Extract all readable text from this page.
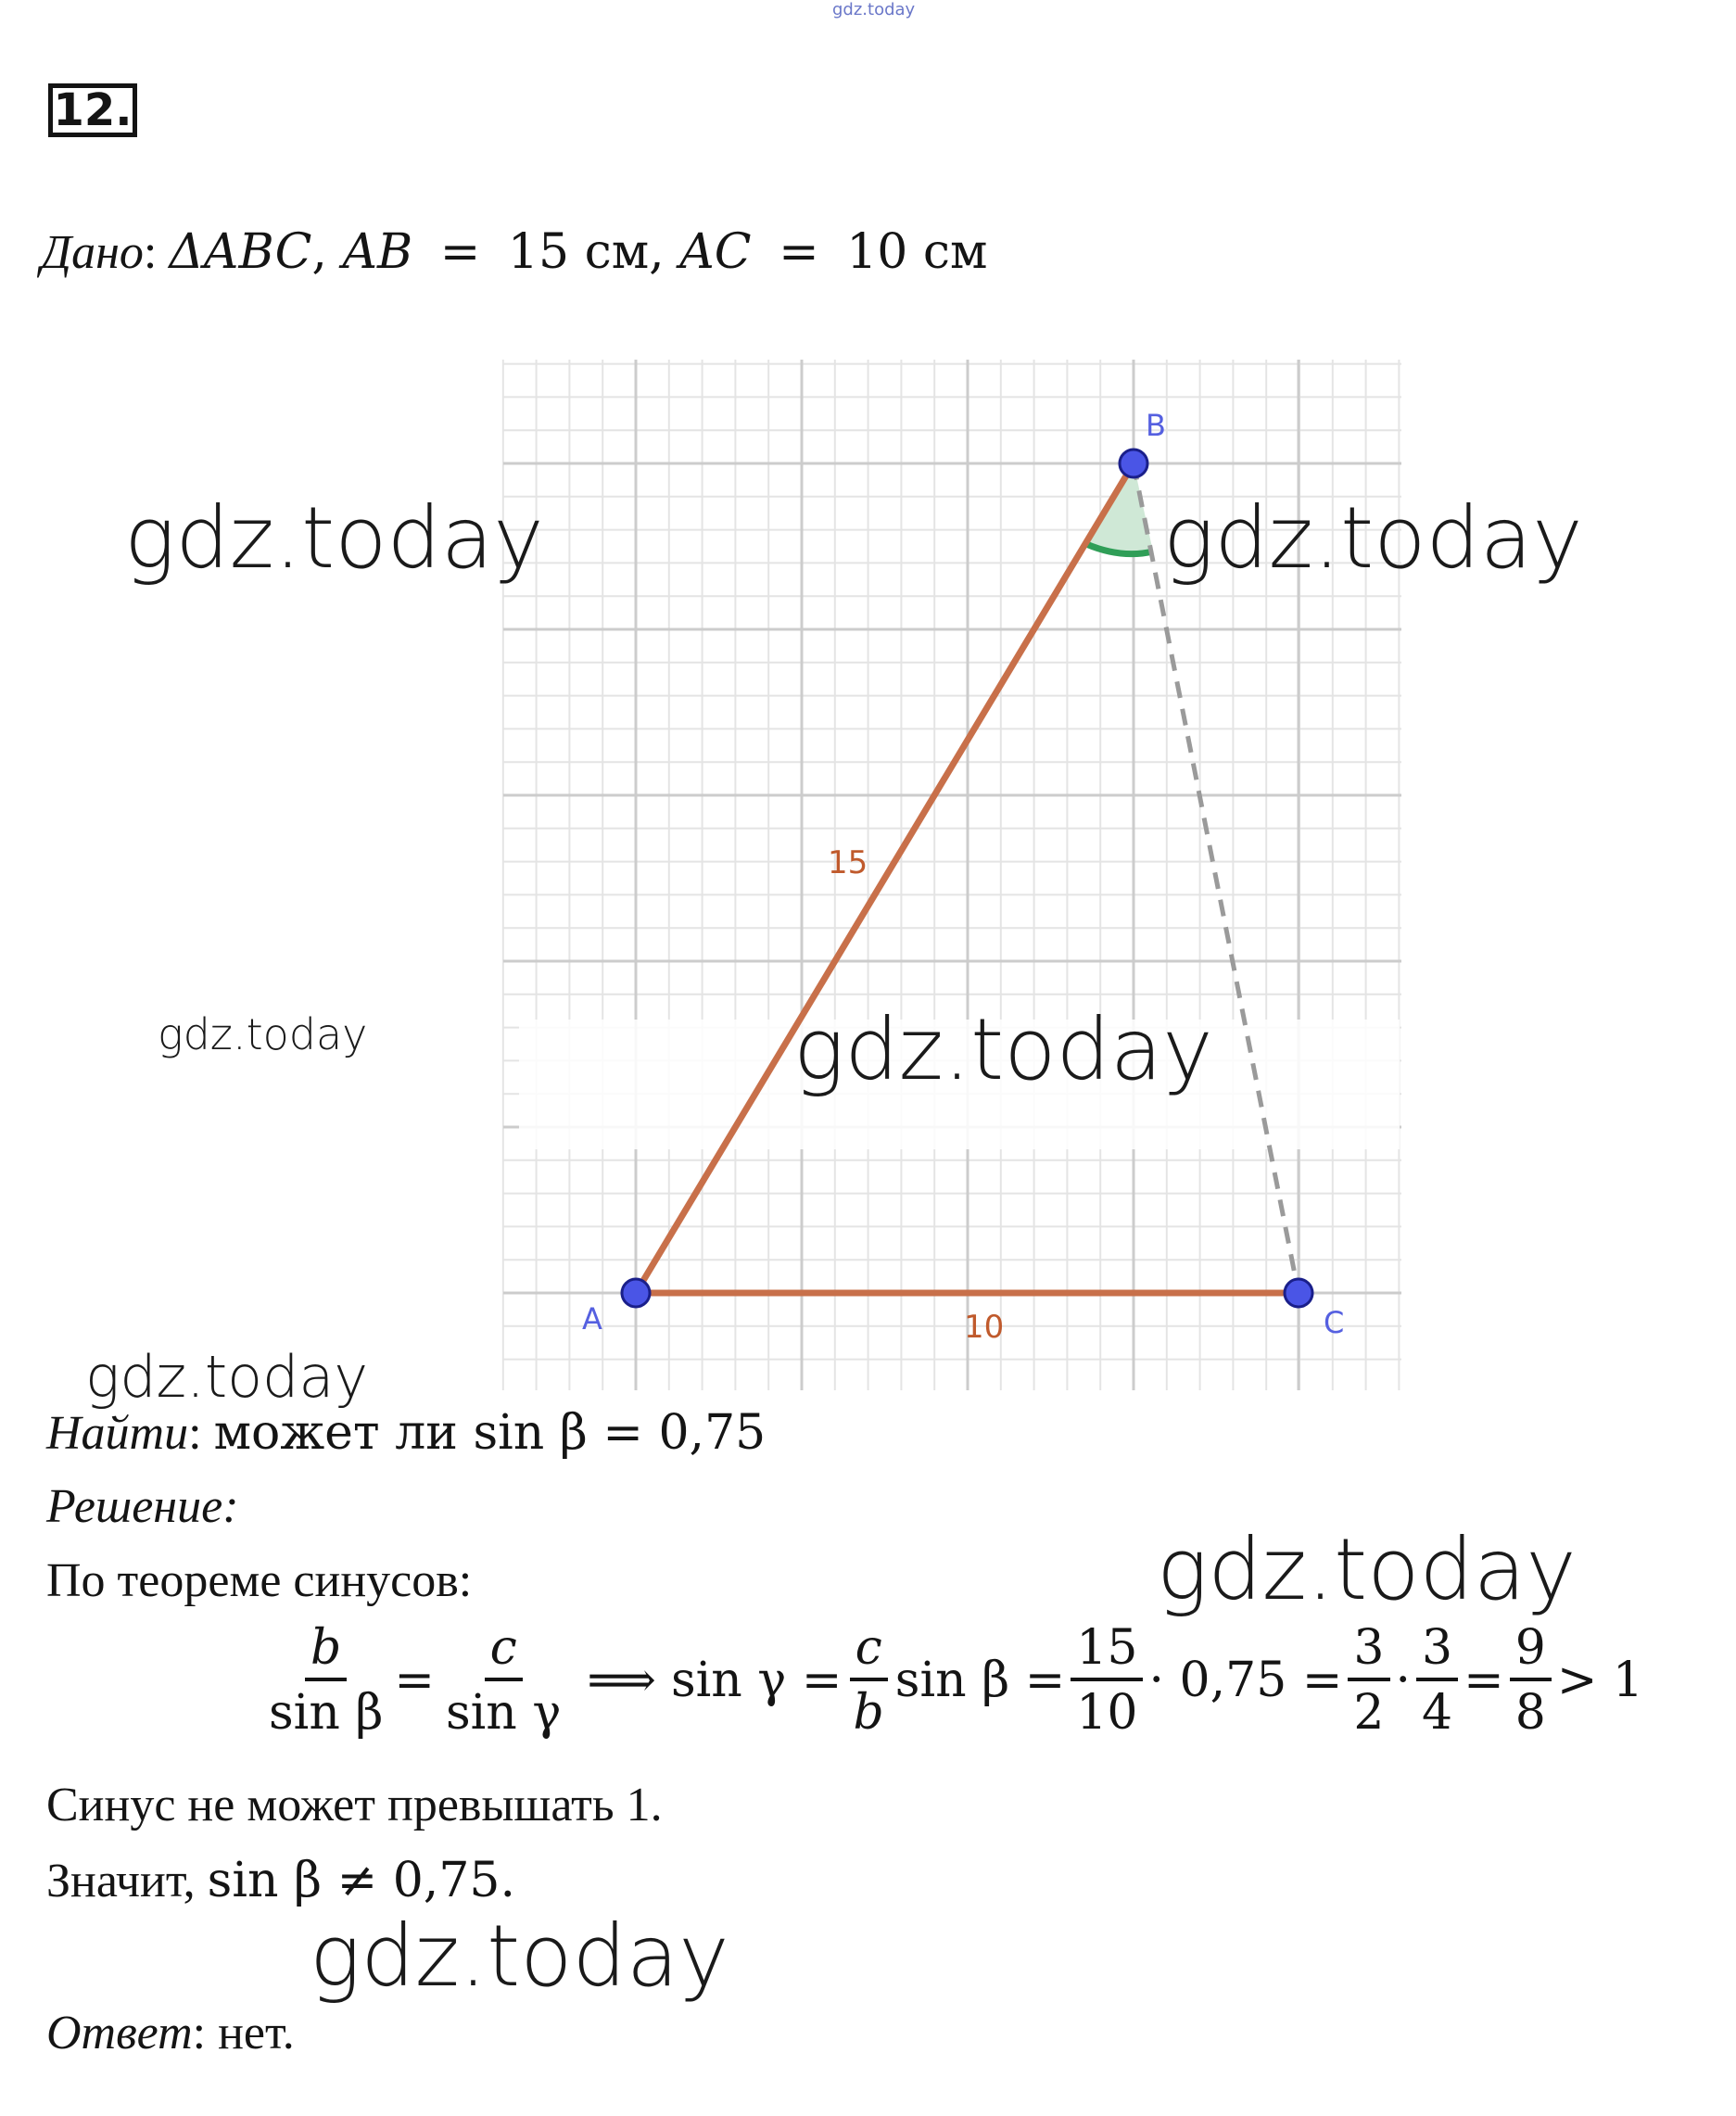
gdz.today
12.
Дано: ΔABC, AB  =  15 см, AC  =  10 см
A
B
C
15
10
gdz.today	gdz.today
gdz.today	gdz.today
gdz.today
gdz.today
gdz.today
Найти: может ли sin β = 0,75
Решение:
По теореме синусов:
$\frac{b}{\text{sin β}} = \frac{c}{\text{sin γ}}$ ⟹ $\sin \gamma = \frac{c}{b}$ $\sin \beta = \frac{15}{10} \cdot 0,75 = \frac{3}{2} \cdot \frac{3}{4} = \frac{9}{8} > 1$
Синус не может превышать 1.
Значит, sin β ≠ 0,75.
Ответ: нет.
